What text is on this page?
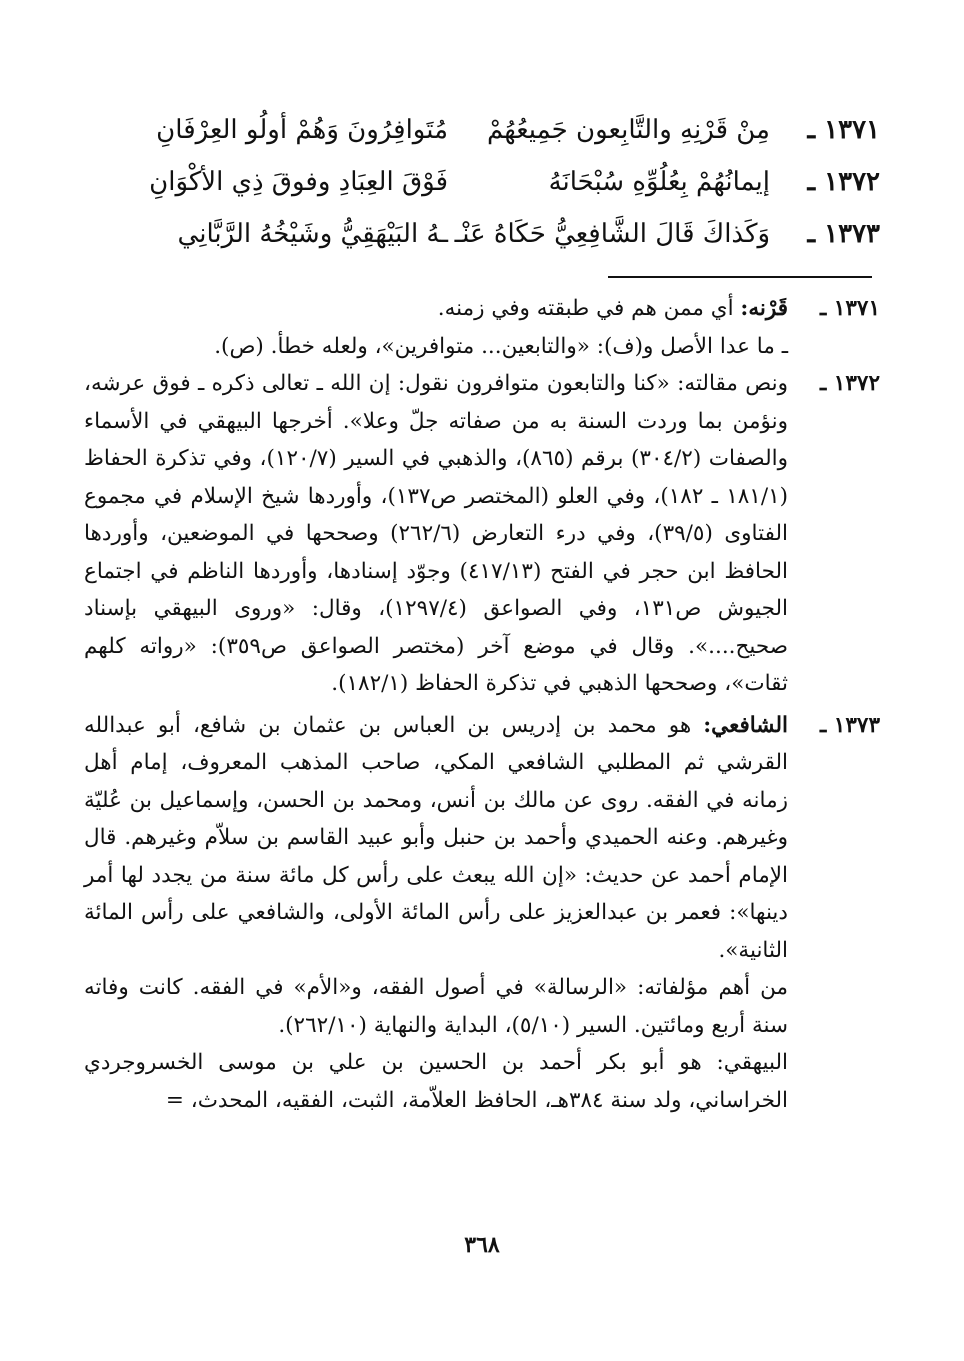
١٣٧١ ـ
مِنْ قَرْنِهِ والتَّابِعون جَمِيعُهُمْ
مُتَوافِرُونَ وَهُمْ أولُو العِرْفَانِ
١٣٧٢ ـ
إيمانُهُمْ بِعُلُوِّهِ سُبْحَانَهُ
فَوْقَ العِبَادِ وفوقَ ذِي الأكْوَانِ
١٣٧٣ ـ
وَكَذاكَ قَالَ الشَّافِعِيُّ حَكَاهُ عَنْـ
ـهُ البَيْهَقِيُّ وشَيْخُهُ الرَّبَّانِي
١٣٧١ ـ
قَرْنه: أي ممن هم في طبقته وفي زمنه.
ـ ما عدا الأصل و(ف): «والتابعين... متوافرين»، ولعله خطأ. (ص).
١٣٧٢ ـ
ونص مقالته: «كنا والتابعون متوافرون نقول: إن الله ـ تعالى ذكره ـ فوق عرشه، ونؤمن بما وردت السنة به من صفاته جلّ وعلا». أخرجها البيهقي في الأسماء والصفات (٣٠٤/٢) برقم (٨٦٥)، والذهبي في السير (١٢٠/٧)، وفي تذكرة الحفاظ (١٨١/١ ـ ١٨٢)، وفي العلو (المختصر ص١٣٧)، وأوردها شيخ الإسلام في مجموع الفتاوى (٣٩/٥)، وفي درء التعارض (٢٦٢/٦) وصححها في الموضعين، وأوردها الحافظ ابن حجر في الفتح (٤١٧/١٣) وجوّد إسنادها، وأوردها الناظم في اجتماع الجيوش ص١٣١، وفي الصواعق (١٢٩٧/٤)، وقال: «وروى البيهقي بإسناد صحيح....». وقال في موضع آخر (مختصر الصواعق ص٣٥٩): «رواته كلهم ثقات»، وصححها الذهبي في تذكرة الحفاظ (١٨٢/١).
١٣٧٣ ـ
الشافعي: هو محمد بن إدريس بن العباس بن عثمان بن شافع، أبو عبدالله القرشي ثم المطلبي الشافعي المكي، صاحب المذهب المعروف، إمام أهل زمانه في الفقه. روى عن مالك بن أنس، ومحمد بن الحسن، وإسماعيل بن عُليّة وغيرهم. وعنه الحميدي وأحمد بن حنبل وأبو عبيد القاسم بن سلاّم وغيرهم. قال الإمام أحمد عن حديث: «إن الله يبعث على رأس كل مائة سنة من يجدد لها أمر دينها»: فعمر بن عبدالعزيز على رأس المائة الأولى، والشافعي على رأس المائة الثانية».
من أهم مؤلفاته: «الرسالة» في أصول الفقه، و«الأم» في الفقه. كانت وفاته سنة أربع ومائتين. السير (٥/١٠)، البداية والنهاية (٢٦٢/١٠).
البيهقي: هو أبو بكر أحمد بن الحسين بن علي بن موسى الخسروجردي الخراساني، ولد سنة ٣٨٤هـ، الحافظ العلاّمة، الثبت، الفقيه، المحدث، =
٣٦٨
